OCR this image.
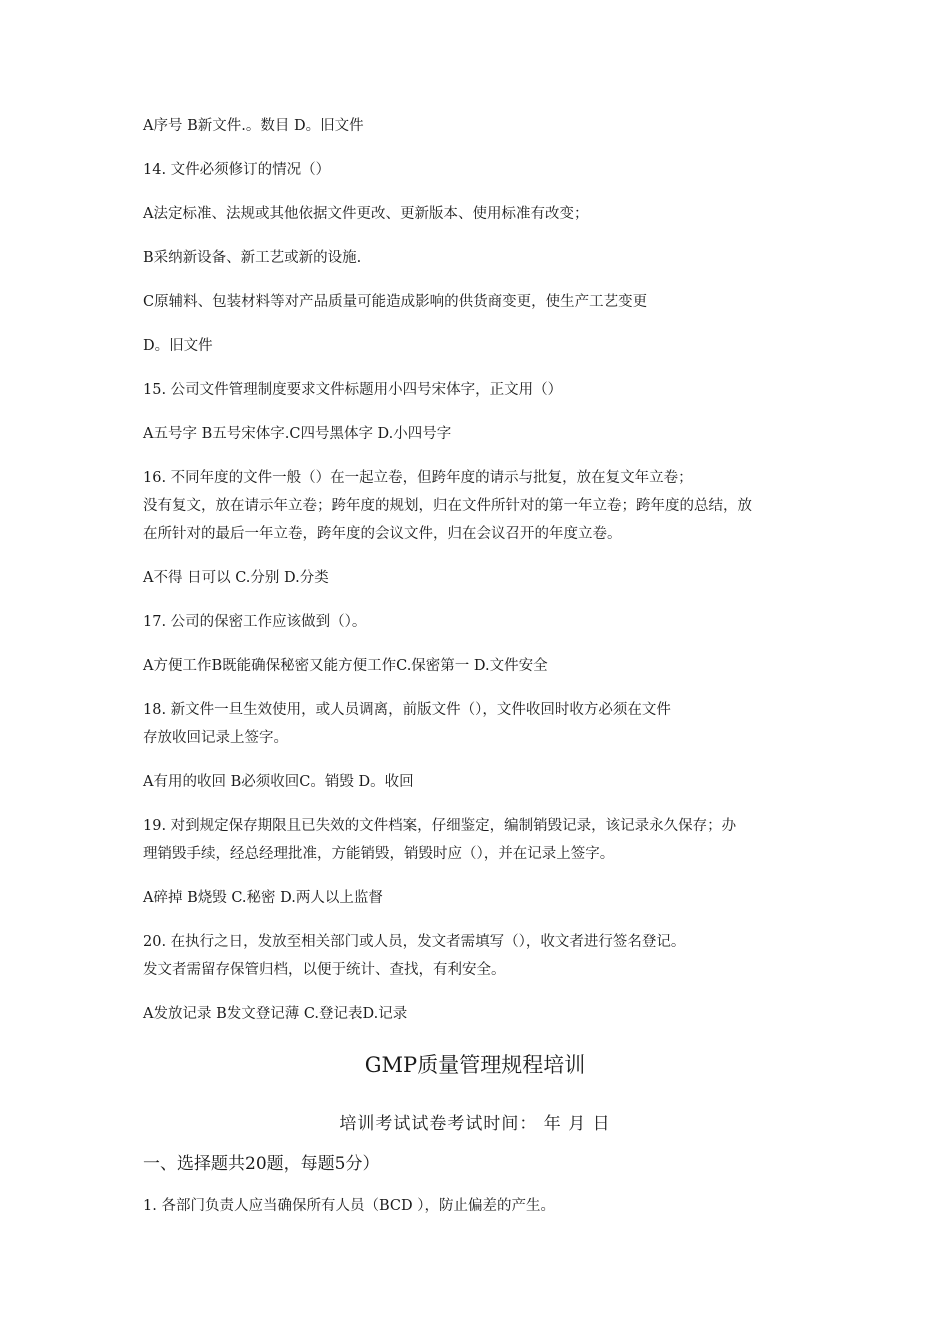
A序号 B新文件.。数目 D。旧文件
14. 文件必须修订的情况（）
A法定标准、法规或其他依据文件更改、更新版本、使用标准有改变；
B采纳新设备、新工艺或新的设施.
C原辅料、包装材料等对产品质量可能造成影响的供货商变更，使生产工艺变更
D。旧文件
15. 公司文件管理制度要求文件标题用小四号宋体字，正文用（）
A五号字 B五号宋体字.C四号黑体字 D.小四号字

16. 不同年度的文件一般（）在一起立卷，但跨年度的请示与批复，放在复文年立卷；

没有复文，放在请示年立卷；跨年度的规划，归在文件所针对的第一年立卷；跨年度的总结，放

在所针对的最后一年立卷，跨年度的会议文件，归在会议召开的年度立卷。

A不得 日可以 C.分别 D.分类
17. 公司的保密工作应该做到（）。
A方便工作B既能确保秘密又能方便工作C.保密第一 D.文件安全

18. 新文件一旦生效使用，或人员调离，前版文件（），文件收回时收方必须在文件

存放收回记录上签字。

A有用的收回 B必须收回C。销毁 D。收回

19. 对到规定保存期限且已失效的文件档案，仔细鉴定，编制销毁记录，该记录永久保存；办

理销毁手续，经总经理批准，方能销毁，销毁时应（），并在记录上签字。

A碎掉 B烧毁 C.秘密 D.两人以上监督

20. 在执行之日，发放至相关部门或人员，发文者需填写（），收文者进行签名登记。

发文者需留存保管归档，以便于统计、查找，有利安全。

A发放记录 B发文登记薄 C.登记表D.记录
GMP质量管理规程培训
培训考试试卷考试时间： 年 月 日
一、选择题共20题，每题5分）
1. 各部门负责人应当确保所有人员（BCD ），防止偏差的产生。
